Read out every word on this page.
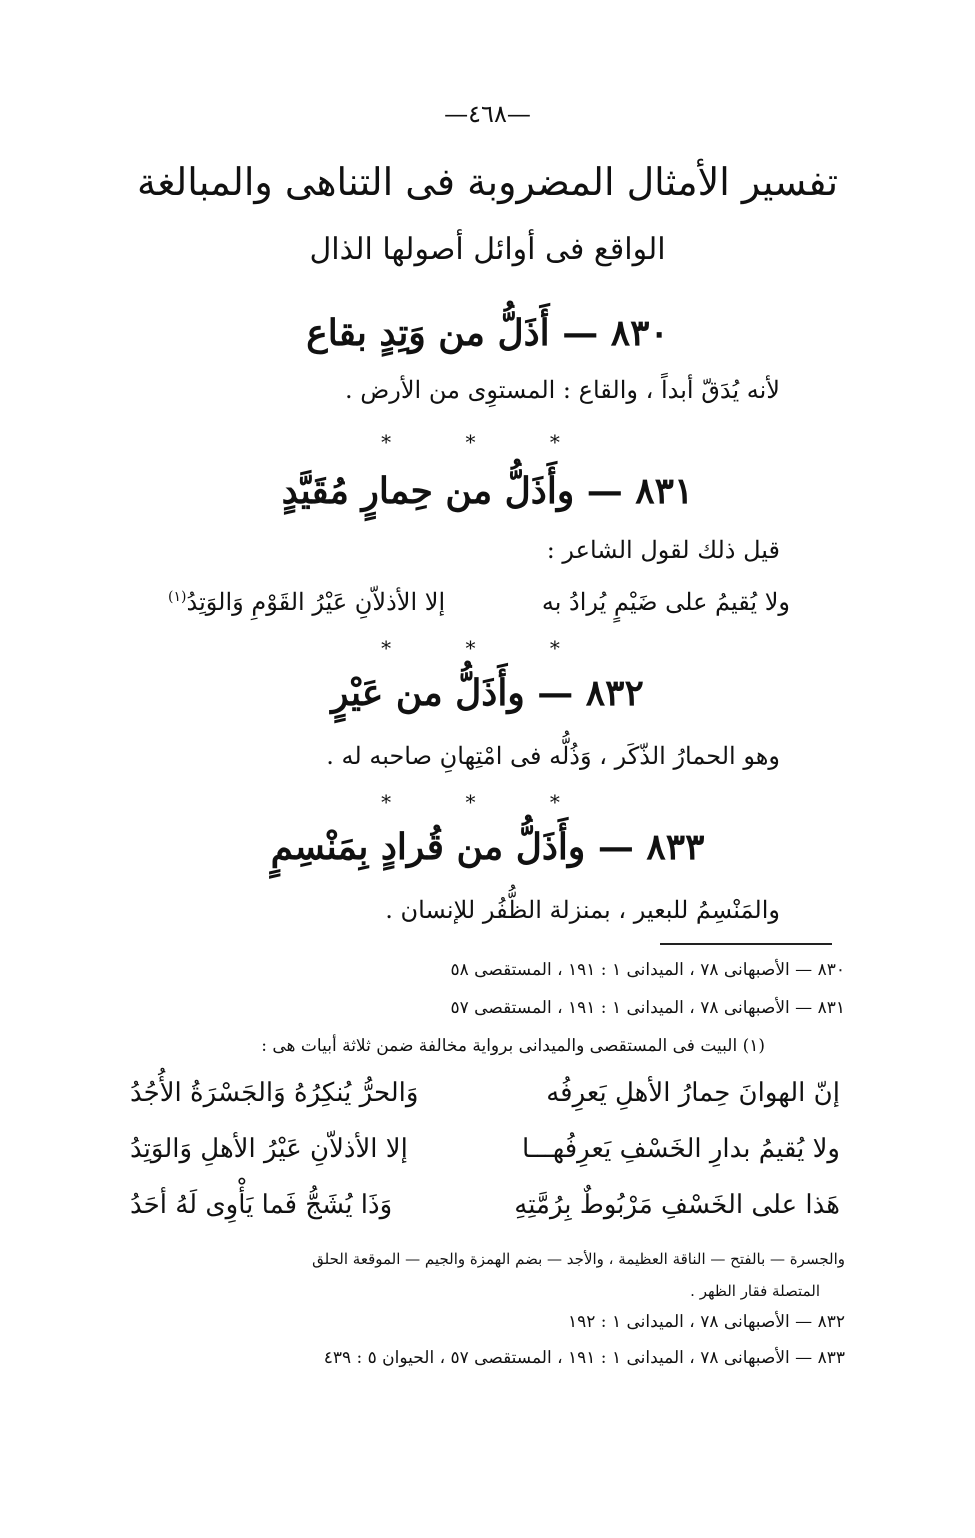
—٤٦٨—
تفسير الأمثال المضروبة فى التناهى والمبالغة
الواقع فى أوائل أصولها الذال
٨٣٠ — أَذَلُّ من وَتِدٍ بقاع
لأنه يُدَقّ أبداً ، والقاع : المستوِى من الأرض .
* * *
٨٣١ — وأَذَلُّ من حِمارٍ مُقَيَّدٍ
قيل ذلك لقول الشاعر :
ولا يُقيمُ على ضَيْمٍ يُرادُ به
إلا الأذلاّنِ عَيْرُ القَوْمِ وَالوَتِدُ$^{(١)}$
* * *
٨٣٢ — وأَذَلُّ من عَيْرٍ
وهو الحمارُ الذّكَر ، وَذُلُّه فى امْتِهانِ صاحبه له .
* * *
٨٣٣ — وأَذَلُّ من قُرادٍ بِمَنْسِمٍ
والمَنْسِمُ للبعير ، بمنزلة الظُّفُر للإنسان .
٨٣٠ — الأصبهانى ٧٨ ، الميدانى ١ : ١٩١ ، المستقصى ٥٨
٨٣١ — الأصبهانى ٧٨ ، الميدانى ١ : ١٩١ ، المستقصى ٥٧
(١) البيت فى المستقصى والميدانى برواية مخالفة ضمن ثلاثة أبيات هى :
إنّ الهوانَ حِمارُ الأهلِ يَعرِفُه
وَالحرُّ يُنكِرُهُ وَالجَسْرَةُ الأُجُدُ
ولا يُقيمُ بدارِ الخَسْفِ يَعرِفُهـــا
إلا الأذلاّنِ عَيْرُ الأهلِ وَالوَتِدُ
هَذا على الخَسْفِ مَرْبُوطٌ بِرُمَّتِهِ
وَذَا يُشَجُّ فَما يَأْوِى لَهُ أحَدُ
والجسرة — بالفتح — الناقة العظيمة ، والأجد — بضم الهمزة والجيم — الموقعة الحلق
المتصلة فقار الظهر .
٨٣٢ — الأصبهانى ٧٨ ، الميدانى ١ : ١٩٢
٨٣٣ — الأصبهانى ٧٨ ، الميدانى ١ : ١٩١ ، المستقصى ٥٧ ، الحيوان ٥ : ٤٣٩
